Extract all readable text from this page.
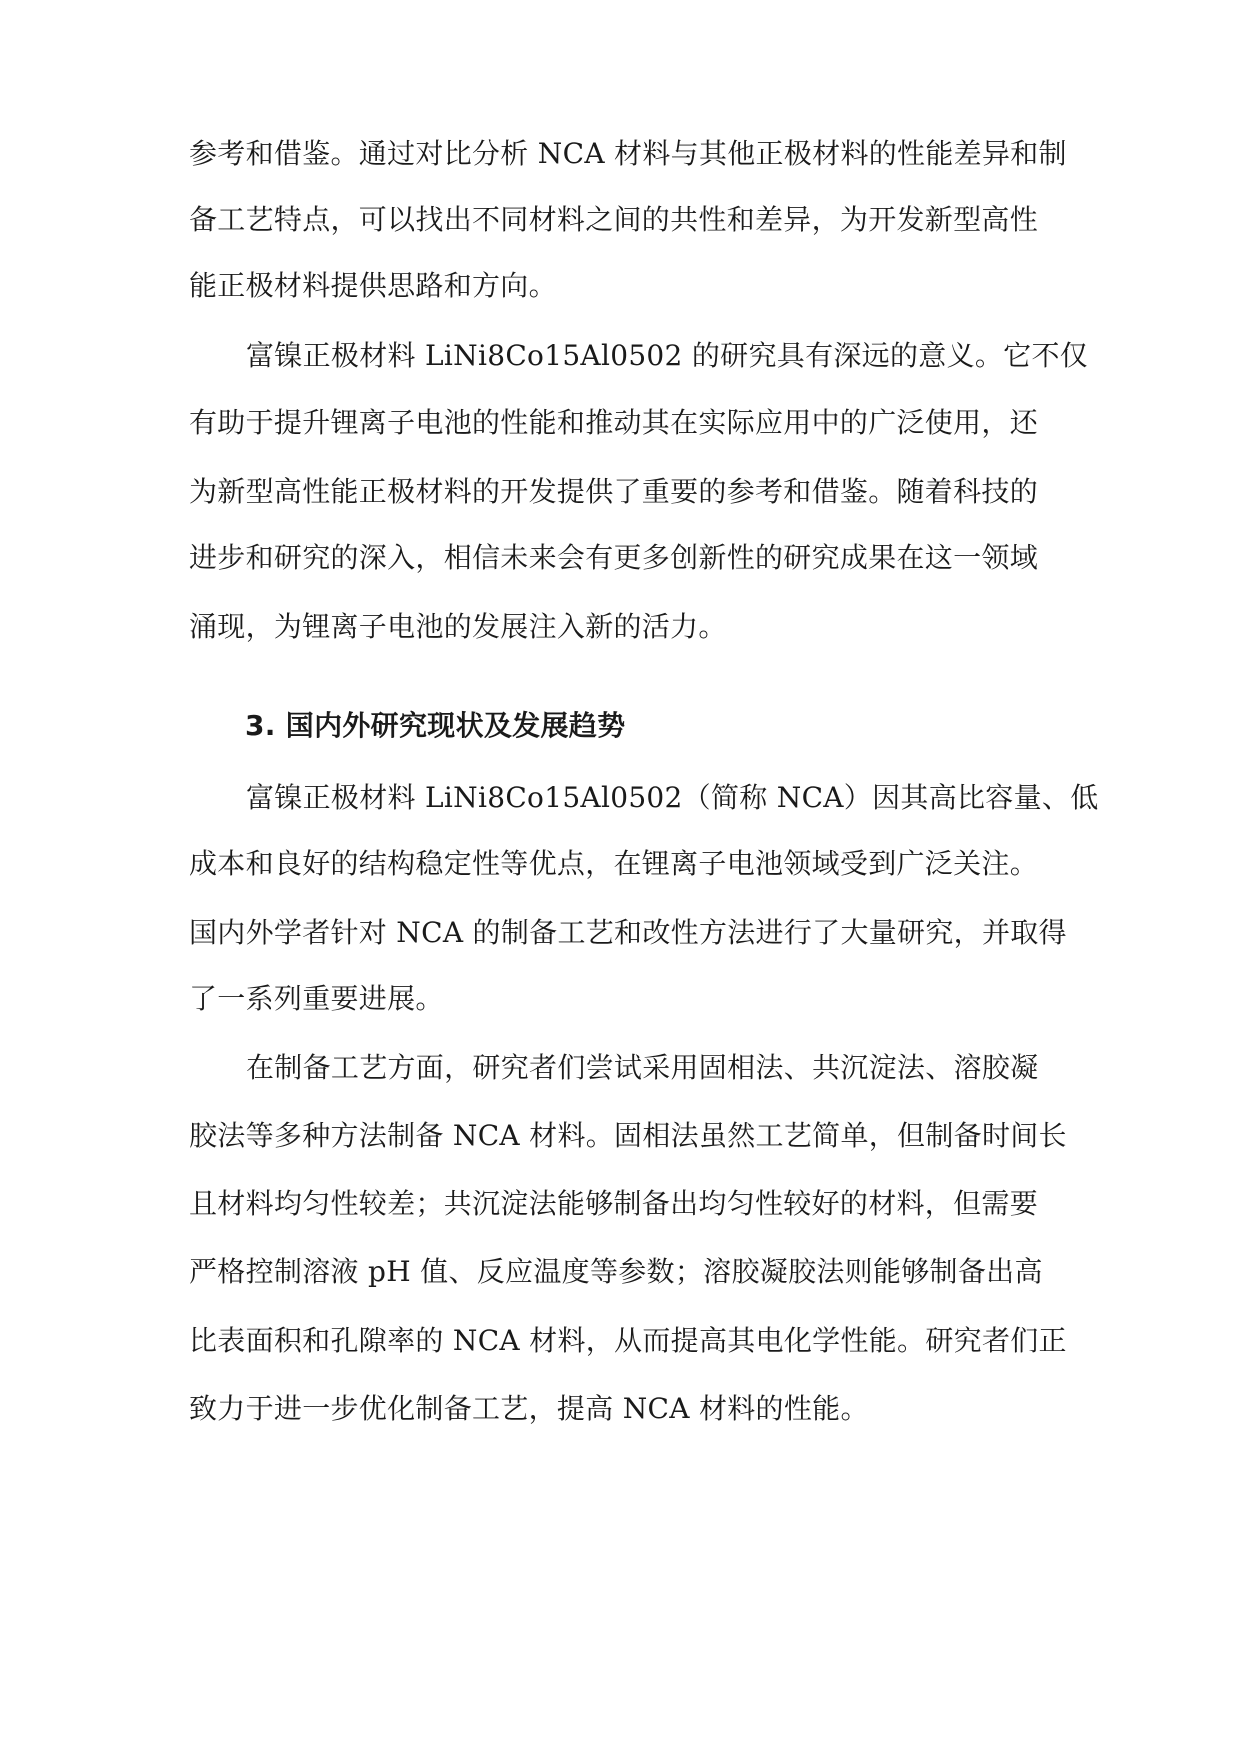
参考和借鉴。通过对比分析 NCA 材料与其他正极材料的性能差异和制
备工艺特点，可以找出不同材料之间的共性和差异，为开发新型高性
能正极材料提供思路和方向。
富镍正极材料 LiNi8Co15Al0502 的研究具有深远的意义。它不仅
有助于提升锂离子电池的性能和推动其在实际应用中的广泛使用，还
为新型高性能正极材料的开发提供了重要的参考和借鉴。随着科技的
进步和研究的深入，相信未来会有更多创新性的研究成果在这一领域
涌现，为锂离子电池的发展注入新的活力。
3. 国内外研究现状及发展趋势
富镍正极材料 LiNi8Co15Al0502（简称 NCA）因其高比容量、低
成本和良好的结构稳定性等优点，在锂离子电池领域受到广泛关注。
国内外学者针对 NCA 的制备工艺和改性方法进行了大量研究，并取得
了一系列重要进展。
在制备工艺方面，研究者们尝试采用固相法、共沉淀法、溶胶凝
胶法等多种方法制备 NCA 材料。固相法虽然工艺简单，但制备时间长
且材料均匀性较差；共沉淀法能够制备出均匀性较好的材料，但需要
严格控制溶液 pH 值、反应温度等参数；溶胶凝胶法则能够制备出高
比表面积和孔隙率的 NCA 材料，从而提高其电化学性能。研究者们正
致力于进一步优化制备工艺，提高 NCA 材料的性能。
